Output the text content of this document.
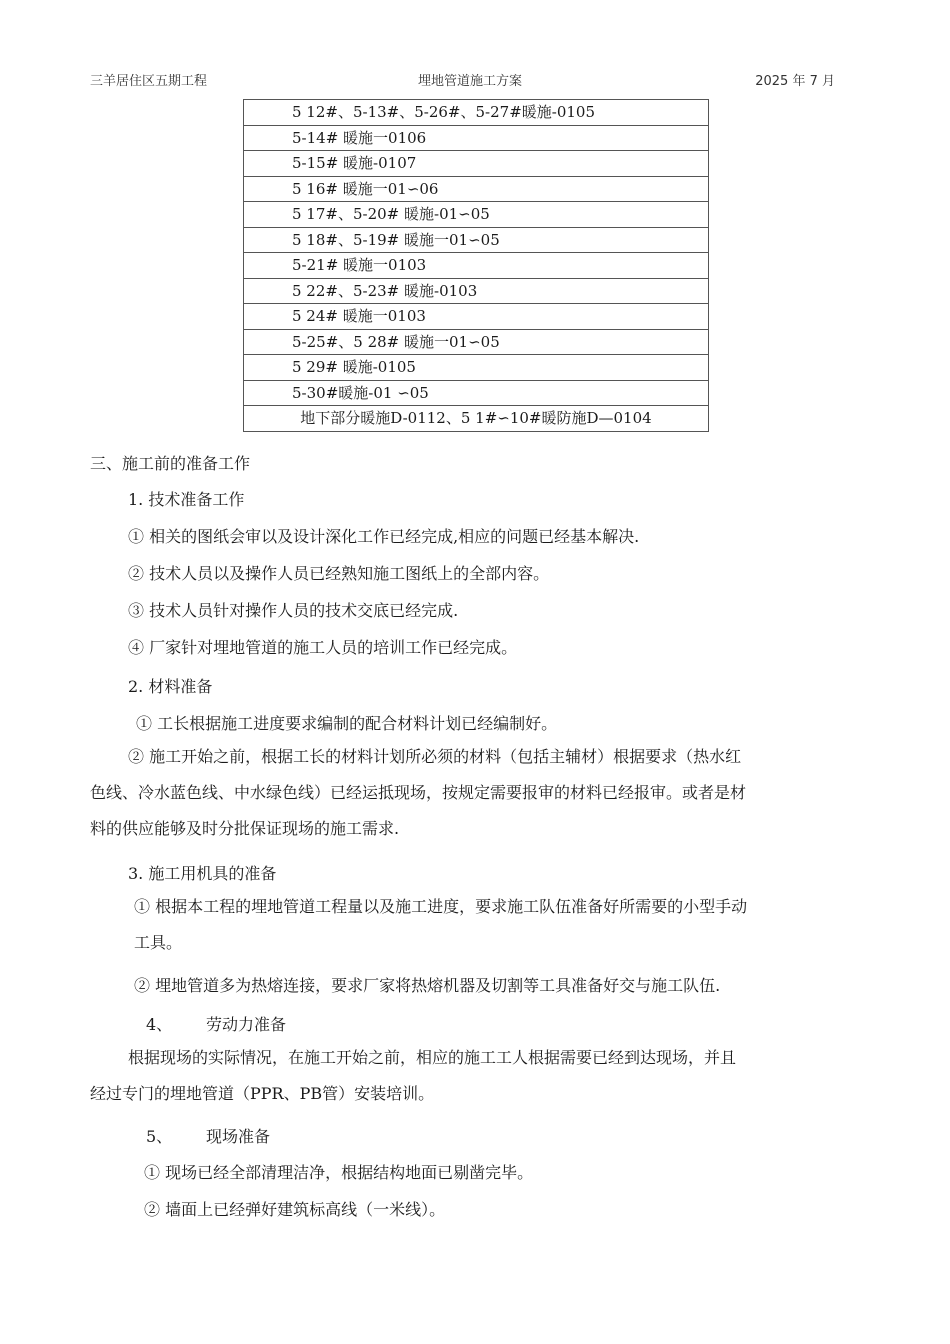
三羊居住区五期工程	埋地管道施工方案	2025 年 7 月
5 12#、5-13#、5-26#、5-27#暖施-0105
5-14# 暖施一0106
5-15# 暖施-0107
5 16# 暖施一01∽06
5 17#、5-20# 暖施-01∽05
5 18#、5-19# 暖施一01∽05
5-21# 暖施一0103
5 22#、5-23# 暖施-0103
5 24# 暖施一0103
5-25#、5 28# 暖施一01∽05
5 29# 暖施-0105
5-30#暖施-01 ∽05
地下部分暖施D-0112、5 1#∽10#暖防施D—0104
三、施工前的准备工作
1. 技术准备工作
① 相关的图纸会审以及设计深化工作已经完成,相应的问题已经基本解决.
② 技术人员以及操作人员已经熟知施工图纸上的全部内容。
③ 技术人员针对操作人员的技术交底已经完成.
④ 厂家针对埋地管道的施工人员的培训工作已经完成。
2. 材料准备
① 工长根据施工进度要求编制的配合材料计划已经编制好。
② 施工开始之前，根据工长的材料计划所必须的材料（包括主辅材）根据要求（热水红
色线、冷水蓝色线、中水绿色线）已经运抵现场，按规定需要报审的材料已经报审。或者是材
料的供应能够及时分批保证现场的施工需求.
3. 施工用机具的准备
① 根据本工程的埋地管道工程量以及施工进度，要求施工队伍准备好所需要的小型手动
工具。
② 埋地管道多为热熔连接，要求厂家将热熔机器及切割等工具准备好交与施工队伍.
4、 劳动力准备
根据现场的实际情况，在施工开始之前，相应的施工工人根据需要已经到达现场，并且
经过专门的埋地管道（PPR、PB管）安装培训。
5、 现场准备
① 现场已经全部清理洁净，根据结构地面已剔凿完毕。
② 墙面上已经弹好建筑标高线（一米线）。
